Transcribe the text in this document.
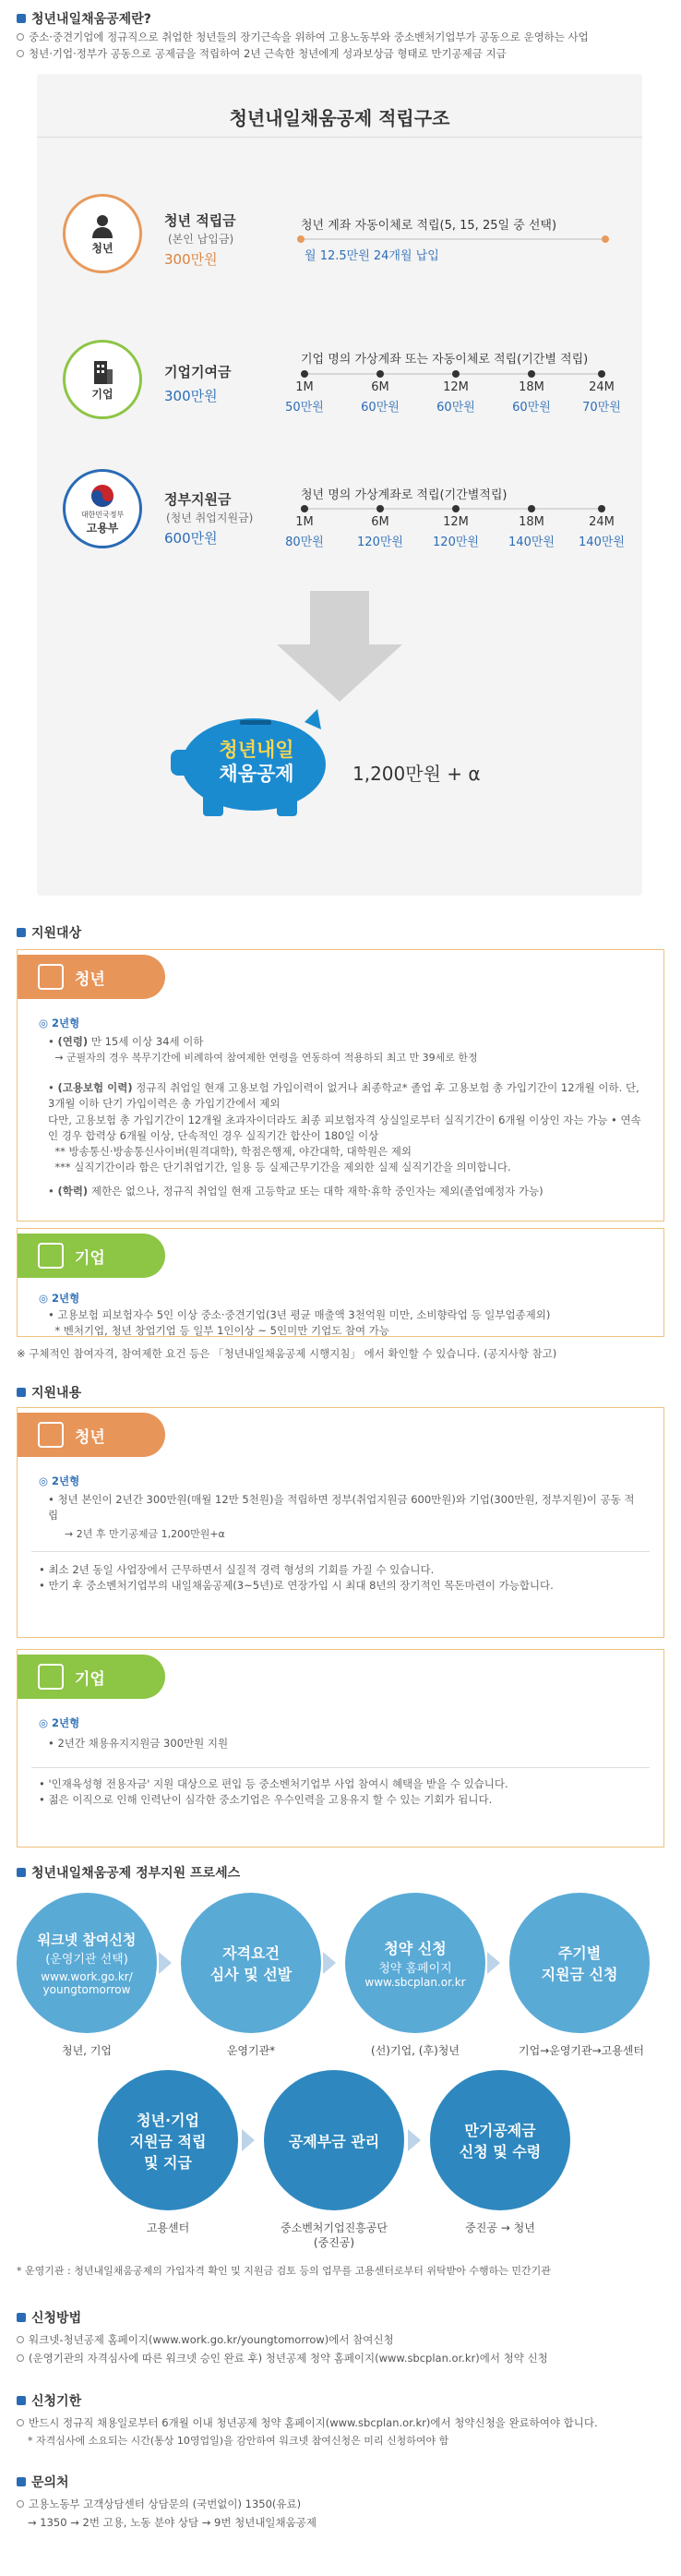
청년내일채움공제란?
중소·중견기업에 정규직으로 취업한 청년들의 장기근속을 위하여 고용노동부와 중소벤처기업부가 공동으로 운영하는 사업
청년·기업·정부가 공동으로 공제금을 적립하여 2년 근속한 청년에게 성과보상금 형태로 만기공제금 지급
청년내일채움공제 적립구조
청년
청년 적립금
(본인 납입금)
300만원
청년 계좌 자동이체로 적립(5, 15, 25일 중 선택)
월 12.5만원 24개월 납입
기업
기업기여금
300만원
기업 명의 가상계좌 또는 자동이체로 적립(기간별 적립)
1M
50만원
6M
60만원
12M
60만원
18M
60만원
24M
70만원
대한민국정부
고용부
정부지원금
(청년 취업지원금)
600만원
청년 명의 가상계좌로 적립(기간별적립)
1M
80만원
6M
120만원
12M
120만원
18M
140만원
24M
140만원
청년내일
채움공제	1,200만원 + α
지원대상
청년
◎ 2년형
• (연령) 만 15세 이상 34세 이하
→ 군필자의 경우 복무기간에 비례하여 참여제한 연령을 연동하여 적용하되 최고 만 39세로 한정
• (고용보험 이력) 정규직 취업일 현재 고용보험 가입이력이 없거나 최종학교* 졸업 후 고용보험 총 가입기간이 12개월 이하. 단, 3개월 이하 단기 가입이력은 총 가입기간에서 제외
다만, 고용보험 총 가입기간이 12개월 초과자이더라도 최종 피보험자격 상실일로부터 실직기간이 6개월 이상인 자는 가능 • 연속인 경우 합력상 6개월 이상, 단속적인 경우 실직기간 합산이 180일 이상
** 방송통신·방송통신사이버(원격대학), 학점은행제, 야간대학, 대학원은 제외
*** 실직기간이라 함은 단기취업기간, 일용 등 실제근무기간을 제외한 실제 실직기간을 의미합니다.
• (학력) 제한은 없으나, 정규직 취업일 현재 고등학교 또는 대학 재학·휴학 중인자는 제외(졸업예정자 가능)
기업
◎ 2년형
• 고용보험 피보험자수 5인 이상 중소·중견기업(3년 평균 매출액 3천억원 미만, 소비향락업 등 일부업종제외)
* 벤처기업, 청년 창업기업 등 일부 1인이상 ~ 5인미만 기업도 참여 가능
※ 구체적인 참여자격, 참여제한 요건 등은 「청년내일채움공제 시행지침」 에서 확인할 수 있습니다. (공지사항 참고)
지원내용
청년
◎ 2년형
• 청년 본인이 2년간 300만원(매월 12만 5천원)을 적립하면 정부(취업지원금 600만원)와 기업(300만원, 정부지원)이 공동 적립
→ 2년 후 만기공제금 1,200만원+α
• 최소 2년 동일 사업장에서 근무하면서 실질적 경력 형성의 기회를 가질 수 있습니다.
• 만기 후 중소벤처기업부의 내일채움공제(3~5년)로 연장가입 시 최대 8년의 장기적인 목돈마련이 가능합니다.
기업
◎ 2년형
• 2년간 채용유지지원금 300만원 지원
• '인재육성형 전용자금' 지원 대상으로 편입 등 중소벤처기업부 사업 참여시 혜택을 받을 수 있습니다.
• 젊은 이직으로 인해 인력난이 심각한 중소기업은 우수인력을 고용유지 할 수 있는 기회가 됩니다.
청년내일채움공제 정부지원 프로세스
워크넷 참여신청
(운영기관 선택)
www.work.go.kr/
youngtomorrow
자격요건
심사 및 선발
청약 신청
청약 홈페이지
www.sbcplan.or.kr
주기별
지원금 신청
청년, 기업	운영기관*	(선)기업, (후)청년	기업→운영기관→고용센터
청년·기업
지원금 적립
및 지급
공제부금 관리
만기공제금
신청 및 수령
고용센터	중소벤처기업진흥공단
(중진공)
중진공 → 청년
* 운영기관 : 청년내일채움공제의 가입자격 확인 및 지원금 검토 등의 업무를 고용센터로부터 위탁받아 수행하는 민간기관
신청방법
워크넷-청년공제 홈페이지(www.work.go.kr/youngtomorrow)에서 참여신청
(운영기관의 자격심사에 따른 워크넷 승인 완료 후) 청년공제 청약 홈페이지(www.sbcplan.or.kr)에서 청약 신청
신청기한
반드시 정규직 채용일로부터 6개월 이내 청년공제 청약 홈페이지(www.sbcplan.or.kr)에서 청약신청을 완료하여야 합니다.
* 자격심사에 소요되는 시간(통상 10영업일)을 감안하여 워크넷 참여신청은 미리 신청하여야 함
문의처
고용노동부 고객상담센터 상담문의 (국번없이) 1350(유료)
→ 1350 → 2번 고용, 노동 분야 상담 → 9번 청년내일채움공제
